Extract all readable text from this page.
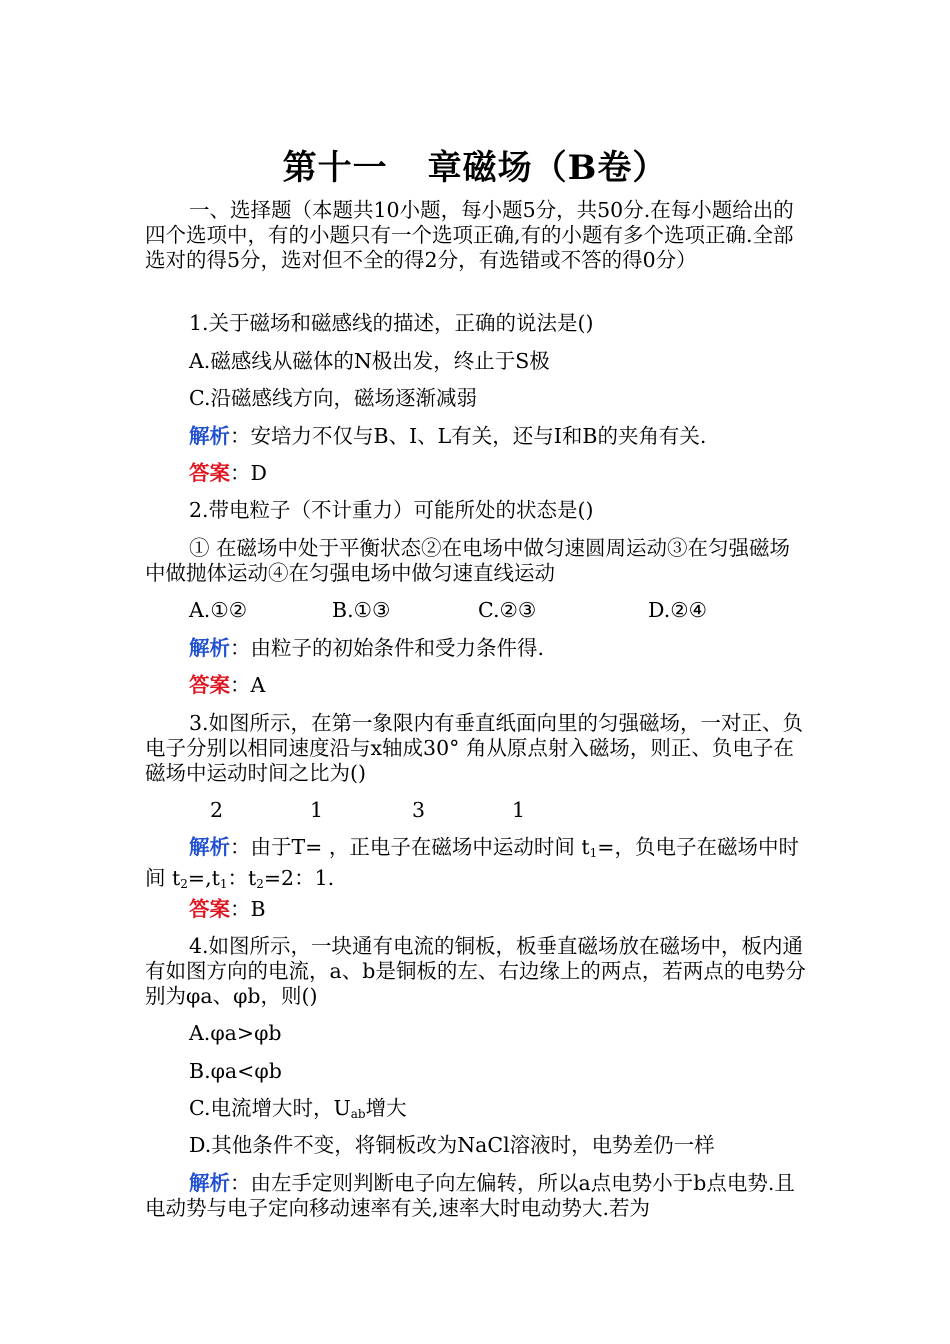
第十一 章磁场（B卷）
一、选择题（本题共10小题，每小题5分，共50分.在每小题给出的四个选项中，有的小题只有一个选项正确,有的小题有多个选项正确.全部选对的得5分，选对但不全的得2分，有选错或不答的得0分）
1.关于磁场和磁感线的描述，正确的说法是()
A.磁感线从磁体的N极出发，终止于S极
C.沿磁感线方向，磁场逐渐减弱
解析：安培力不仅与B、I、L有关，还与I和B的夹角有关.
答案：D
2.带电粒子（不计重力）可能所处的状态是()
① 在磁场中处于平衡状态②在电场中做匀速圆周运动③在匀强磁场中做抛体运动④在匀强电场中做匀速直线运动
A.①②	B.①③	C.②③	D.②④
解析：由粒子的初始条件和受力条件得.
答案：A
3.如图所示，在第一象限内有垂直纸面向里的匀强磁场，一对正、负电子分别以相同速度沿与x轴成30° 角从原点射入磁场，则正、负电子在磁场中运动时间之比为()
2	1	3	1
解析：由于T= ，正电子在磁场中运动时间 $t_1=$，负电子在磁场中时间 $t_2=,t_1$：$t_2=2$：1.
答案：B
4.如图所示，一块通有电流的铜板，板垂直磁场放在磁场中，板内通有如图方向的电流，a、b是铜板的左、右边缘上的两点，若两点的电势分别为φa、φb，则()
A.φa>φb
B.φa<φb
C.电流增大时，$U_{ab}$增大
D.其他条件不变，将铜板改为NaCl溶液时，电势差仍一样
解析：由左手定则判断电子向左偏转，所以a点电势小于b点电势.且电动势与电子定向移动速率有关,速率大时电动势大.若为
